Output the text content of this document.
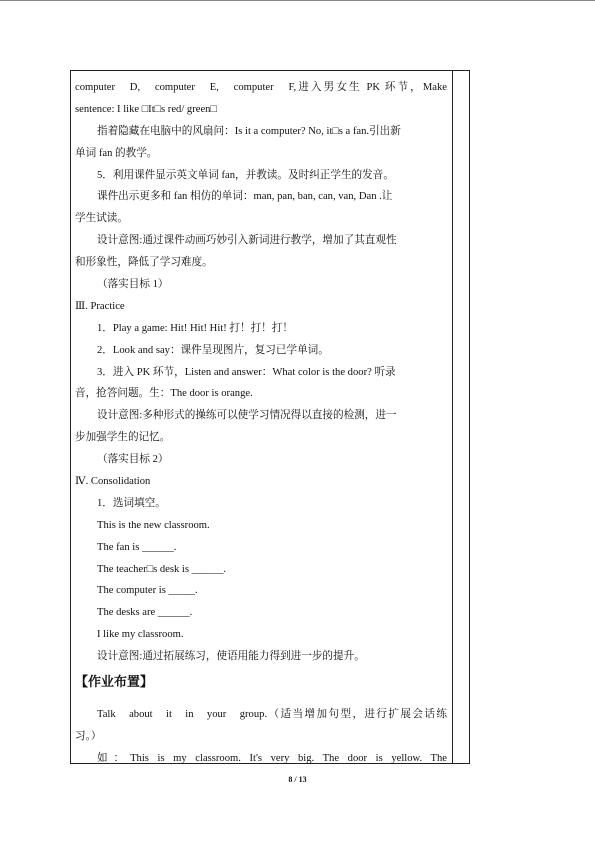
computer　D,　computer　E,　computer　F,进入男女生 PK 环节，Make
sentence: I like □It□s red/ green□
指着隐藏在电脑中的风扇问：Is it a computer? No, it□s a fan.引出新
单词 fan 的教学。
5．利用课件显示英文单词 fan，并教读。及时纠正学生的发音。
课件出示更多和 fan 相仿的单词：man, pan, ban, can, van, Dan .让
学生试读。
设计意图:通过课件动画巧妙引入新词进行教学，增加了其直观性
和形象性，降低了学习难度。
（落实目标 1）
Ⅲ. Practice
1．Play a game: Hit! Hit! Hit! 打！打！打！
2．Look and say：课件呈现图片，复习已学单词。
3．进入 PK 环节，Listen and answer：What color is the door? 听录
音，抢答问题。生：The door is orange.
设计意图:多种形式的操练可以使学习情况得以直接的检测，进一
步加强学生的记忆。
（落实目标 2）
Ⅳ. Consolidation
1．选词填空。
This is the new classroom.
The fan is ______.
The teacher□s desk is ______.
The computer is _____.
The desks are ______.
I like my classroom.
设计意图:通过拓展练习，使语用能力得到进一步的提升。
【作业布置】
Talk　about　it　in　your　group.（适当增加句型，进行扩展会话练
习。）
如：This is my classroom. It's very big. The door is yellow. The
8 / 13
